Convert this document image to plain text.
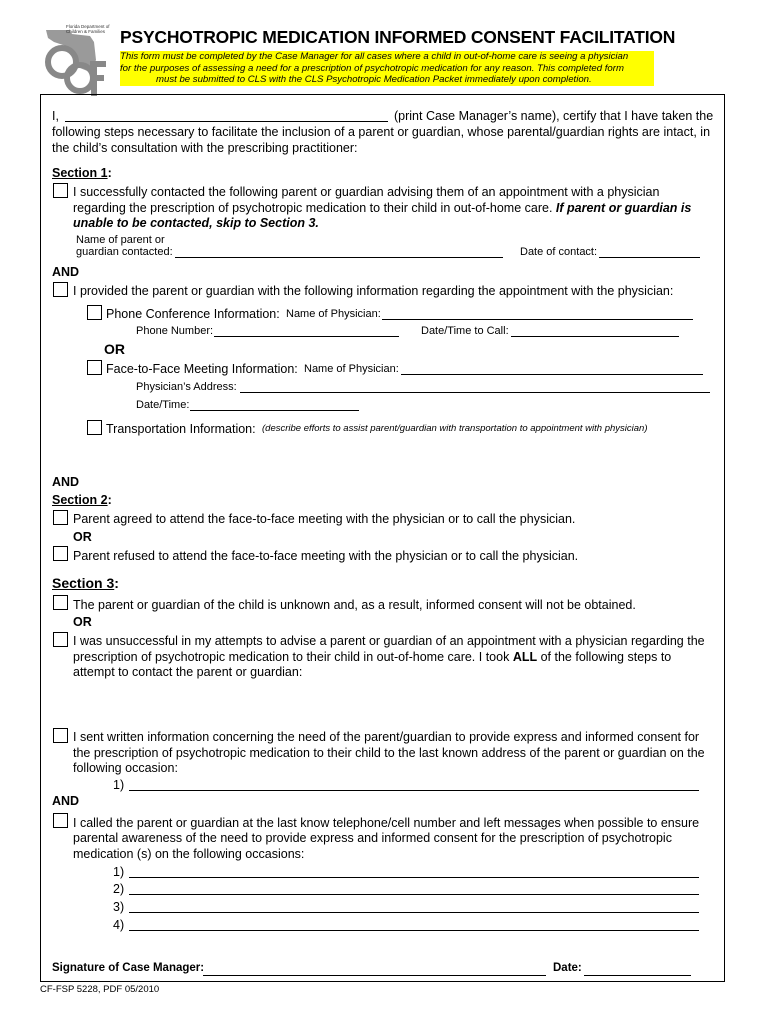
Florida Department of Children & Families PSYCHOTROPIC MEDICATION INFORMED CONSENT FACILITATION
This form must be completed by the Case Manager for all cases where a child in out-of-home care is seeing a physician
for the purposes of assessing a need for a prescription of psychotropic medication for any reason. This completed form
must be submitted to CLS with the CLS Psychotropic Medication Packet immediately upon completion.
I,	(print Case Manager’s name), certify that I have taken the
following steps necessary to facilitate the inclusion of a parent or guardian, whose parental/guardian rights are intact, in
the child’s consultation with the prescribing practitioner:
Section 1:
I successfully contacted the following parent or guardian advising them of an appointment with a physician
regarding the prescription of psychotropic medication to their child in out-of-home care. If parent or guardian is
unable to be contacted, skip to Section 3.
Name of parent or
guardian contacted:	Date of contact:
AND
I provided the parent or guardian with the following information regarding the appointment with the physician:
Phone Conference Information: Name of Physician:
Phone Number:	Date/Time to Call:
OR
Face-to-Face Meeting Information: Name of Physician:
Physician’s Address:
Date/Time:
Transportation Information: (describe efforts to assist parent/guardian with transportation to appointment with physician)
AND
Section 2:
Parent agreed to attend the face-to-face meeting with the physician or to call the physician.
OR
Parent refused to attend the face-to-face meeting with the physician or to call the physician.
Section 3:
The parent or guardian of the child is unknown and, as a result, informed consent will not be obtained.
OR
I was unsuccessful in my attempts to advise a parent or guardian of an appointment with a physician regarding the
prescription of psychotropic medication to their child in out-of-home care. I took ALL of the following steps to
attempt to contact the parent or guardian:
I sent written information concerning the need of the parent/guardian to provide express and informed consent for
the prescription of psychotropic medication to their child to the last known address of the parent or guardian on the
following occasion:
1)
AND
I called the parent or guardian at the last know telephone/cell number and left messages when possible to ensure
parental awareness of the need to provide express and informed consent for the prescription of psychotropic
medication (s) on the following occasions:
1)
2)
3)
4)
Signature of Case Manager:	Date:
CF-FSP 5228, PDF 05/2010
